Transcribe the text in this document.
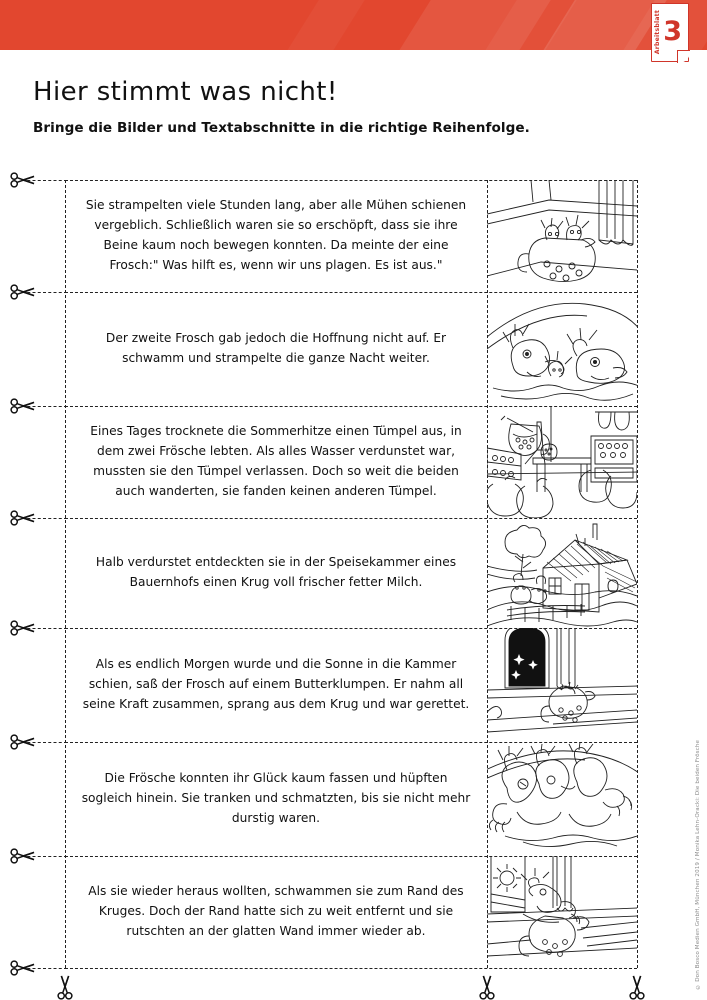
Arbeitsblatt 3
Hier stimmt was nicht!
Bringe die Bilder und Textabschnitte in die richtige Reihenfolge.

Sie strampelten viele Stunden lang, aber alle Mühen schienen vergeblich. Schließlich waren sie so erschöpft, dass sie ihre Beine kaum noch bewegen konnten. Da meinte der eine Frosch:" Was hilft es, wenn wir uns plagen. Es ist aus."

Der zweite Frosch gab jedoch die Hoffnung nicht auf. Er schwamm und strampelte die ganze Nacht weiter.

Eines Tages trocknete die Sommerhitze einen Tümpel aus, in dem zwei Frösche lebten. Als alles Wasser verdunstet war, mussten sie den Tümpel verlassen. Doch so weit die beiden auch wanderten, sie fanden keinen anderen Tümpel.

Halb verdurstet entdeckten sie in der Speisekammer eines Bauernhofs einen Krug voll frischer fetter Milch.

Als es endlich Morgen wurde und die Sonne in die Kammer schien, saß der Frosch auf einem Butterklumpen. Er nahm all seine Kraft zusammen, sprang aus dem Krug und war gerettet.

Die Frösche konnten ihr Glück kaum fassen und hüpften sogleich hinein. Sie tranken und schmatzten, bis sie nicht mehr durstig waren.

Als sie wieder heraus wollten, schwammen sie zum Rand des Kruges. Doch der Rand hatte sich zu weit entfernt und sie rutschten an der glatten Wand immer wieder ab.	© Don Bosco Medien GmbH, München 2019 / Monika Lehn-Oracki: Die beiden Frösche
